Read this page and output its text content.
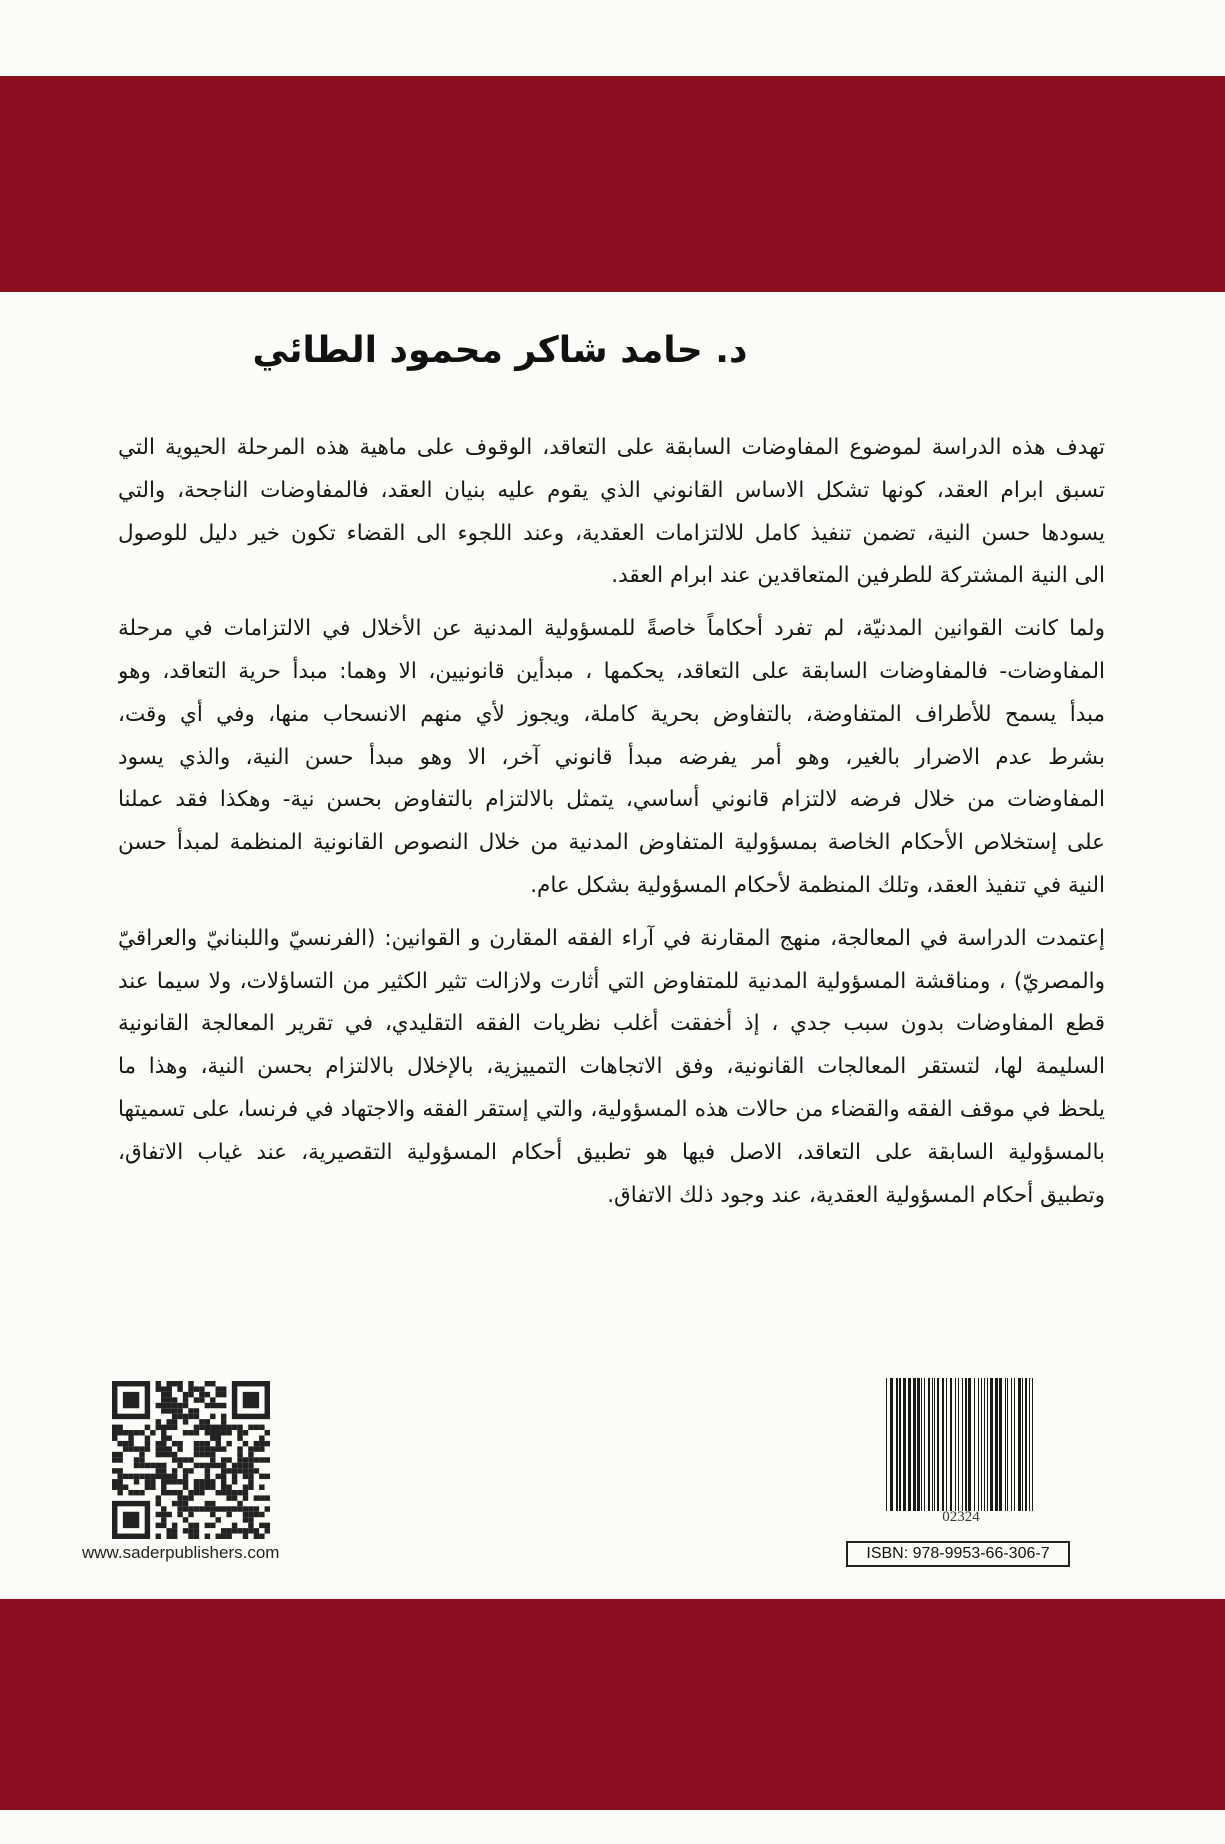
د. حامد شاكر محمود الطائي
تهدف هذه الدراسة لموضوع المفاوضات السابقة على التعاقد، الوقوف على ماهية هذه المرحلة الحيوية التي
تسبق ابرام العقد، كونها تشكل الاساس القانوني الذي يقوم عليه بنيان العقد، فالمفاوضات الناجحة، والتي
يسودها حسن النية، تضمن تنفيذ كامل للالتزامات العقدية، وعند اللجوء الى القضاء تكون خير دليل للوصول
الى النية المشتركة للطرفين المتعاقدين عند ابرام العقد.
ولما كانت القوانين المدنيّة، لم تفرد أحكاماً خاصةً للمسؤولية المدنية عن الأخلال في الالتزامات في مرحلة
المفاوضات- فالمفاوضات السابقة على التعاقد، يحكمها ، مبدأين قانونيين، الا وهما: مبدأ حرية التعاقد، وهو
مبدأ يسمح للأطراف المتفاوضة، بالتفاوض بحرية كاملة، ويجوز لأي منهم الانسحاب منها، وفي أي وقت،
بشرط عدم الاضرار بالغير، وهو أمر يفرضه مبدأ قانوني آخر، الا وهو مبدأ حسن النية، والذي يسود
المفاوضات من خلال فرضه لالتزام قانوني أساسي، يتمثل بالالتزام بالتفاوض بحسن نية- وهكذا فقد عملنا
على إستخلاص الأحكام الخاصة بمسؤولية المتفاوض المدنية من خلال النصوص القانونية المنظمة لمبدأ حسن
النية في تنفيذ العقد، وتلك المنظمة لأحكام المسؤولية بشكل عام.
إعتمدت الدراسة في المعالجة، منهج المقارنة في آراء الفقه المقارن و القوانين: (الفرنسيّ واللبنانيّ والعراقيّ
والمصريّ) ، ومناقشة المسؤولية المدنية للمتفاوض التي أثارت ولازالت تثير الكثير من التساؤلات، ولا سيما عند
قطع المفاوضات بدون سبب جدي ، إذ أخفقت أغلب نظريات الفقه التقليدي، في تقرير المعالجة القانونية
السليمة لها، لتستقر المعالجات القانونية، وفق الاتجاهات التمييزية، بالإخلال بالالتزام بحسن النية، وهذا ما
يلحظ في موقف الفقه والقضاء من حالات هذه المسؤولية، والتي إستقر الفقه والاجتهاد في فرنسا، على تسميتها
بالمسؤولية السابقة على التعاقد، الاصل فيها هو تطبيق أحكام المسؤولية التقصيرية، عند غياب الاتفاق،
وتطبيق أحكام المسؤولية العقدية، عند وجود ذلك الاتفاق.
www.saderpublishers.com
02324
ISBN: 978-9953-66-306-7
